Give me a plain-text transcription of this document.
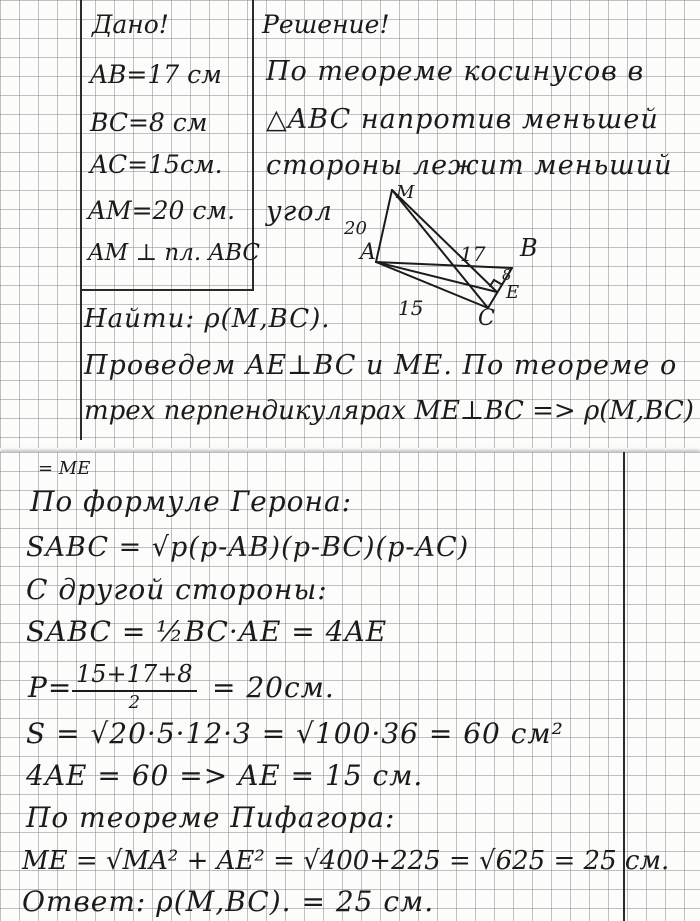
Дано!
AB=17 см
BC=8 см
AC=15см.
AM=20 см.
AM ⊥ пл. ABC
Решение!
По теореме косинусов в
△ABC напротив меньшей
стороны лежит меньший
угол
M
A	B
C
E
20
17
15
8
Найти: ρ(M,BC).
Проведем AE⊥BC и ME. По теореме о
трех перпендикулярах ME⊥BC => ρ(M,BC)
= ME
По формуле Герона:
SABC = √p(p-AB)(p-BC)(p-AC)
С другой стороны:
SABC = ½BC·AE = 4AE
P= 15+17+8
2	= 20см.
S = √20·5·12·3 = √100·36 = 60 см²
4AE = 60 => AE = 15 см.
По теореме Пифагора:
ME = √MA² + AE² = √400+225 = √625 = 25 см.
Ответ: ρ(M,BC). = 25 см.
